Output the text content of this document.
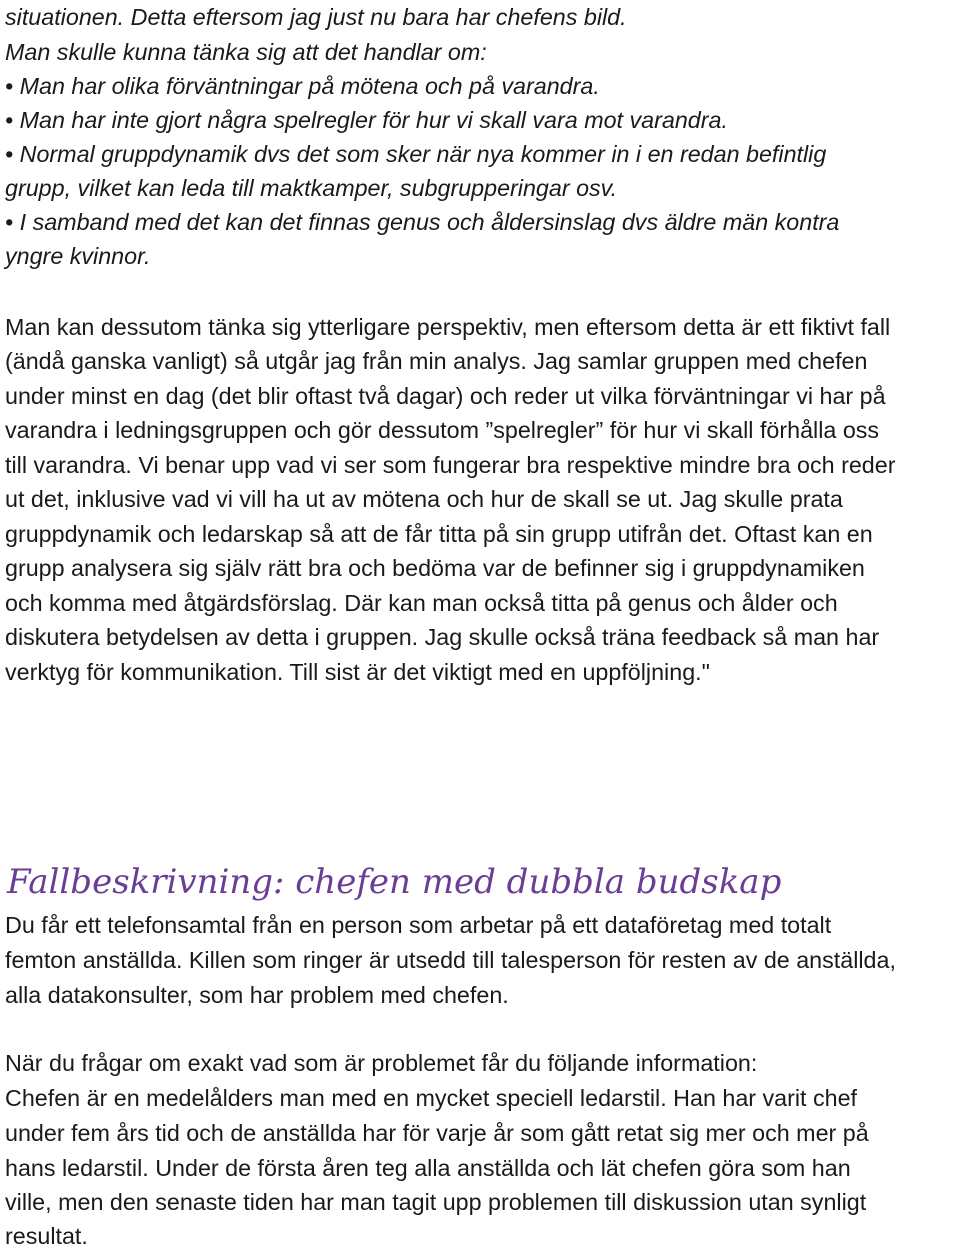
situationen. Detta eftersom jag just nu bara har chefens bild.

Man skulle kunna tänka sig att det handlar om:

• Man har olika förväntningar på mötena och på varandra.

• Man har inte gjort några spelregler för hur vi skall vara mot varandra.

• Normal gruppdynamik dvs det som sker när nya kommer in i en redan befintlig

grupp, vilket kan leda till maktkamper, subgrupperingar osv.

• I samband med det kan det finnas genus och åldersinslag dvs äldre män kontra

yngre kvinnor.

Man kan dessutom tänka sig ytterligare perspektiv, men eftersom detta är ett fiktivt fall

(ändå ganska vanligt) så utgår jag från min analys. Jag samlar gruppen med chefen

under minst en dag (det blir oftast två dagar) och reder ut vilka förväntningar vi har på

varandra i ledningsgruppen och gör dessutom ”spelregler” för hur vi skall förhålla oss

till varandra. Vi benar upp vad vi ser som fungerar bra respektive mindre bra och reder

ut det, inklusive vad vi vill ha ut av mötena och hur de skall se ut. Jag skulle prata

gruppdynamik och ledarskap så att de får titta på sin grupp utifrån det. Oftast kan en

grupp analysera sig själv rätt bra och bedöma var de befinner sig i gruppdynamiken

och komma med åtgärdsförslag. Där kan man också titta på genus och ålder och

diskutera betydelsen av detta i gruppen. Jag skulle också träna feedback så man har

verktyg för kommunikation. Till sist är det viktigt med en uppföljning."

Fallbeskrivning: chefen med dubbla budskap

Du får ett telefonsamtal från en person som arbetar på ett dataföretag med totalt

femton anställda. Killen som ringer är utsedd till talesperson för resten av de anställda,

alla datakonsulter, som har problem med chefen.

När du frågar om exakt vad som är problemet får du följande information:

Chefen är en medelålders man med en mycket speciell ledarstil. Han har varit chef

under fem års tid och de anställda har för varje år som gått retat sig mer och mer på

hans ledarstil. Under de första åren teg alla anställda och lät chefen göra som han

ville, men den senaste tiden har man tagit upp problemen till diskussion utan synligt

resultat.
